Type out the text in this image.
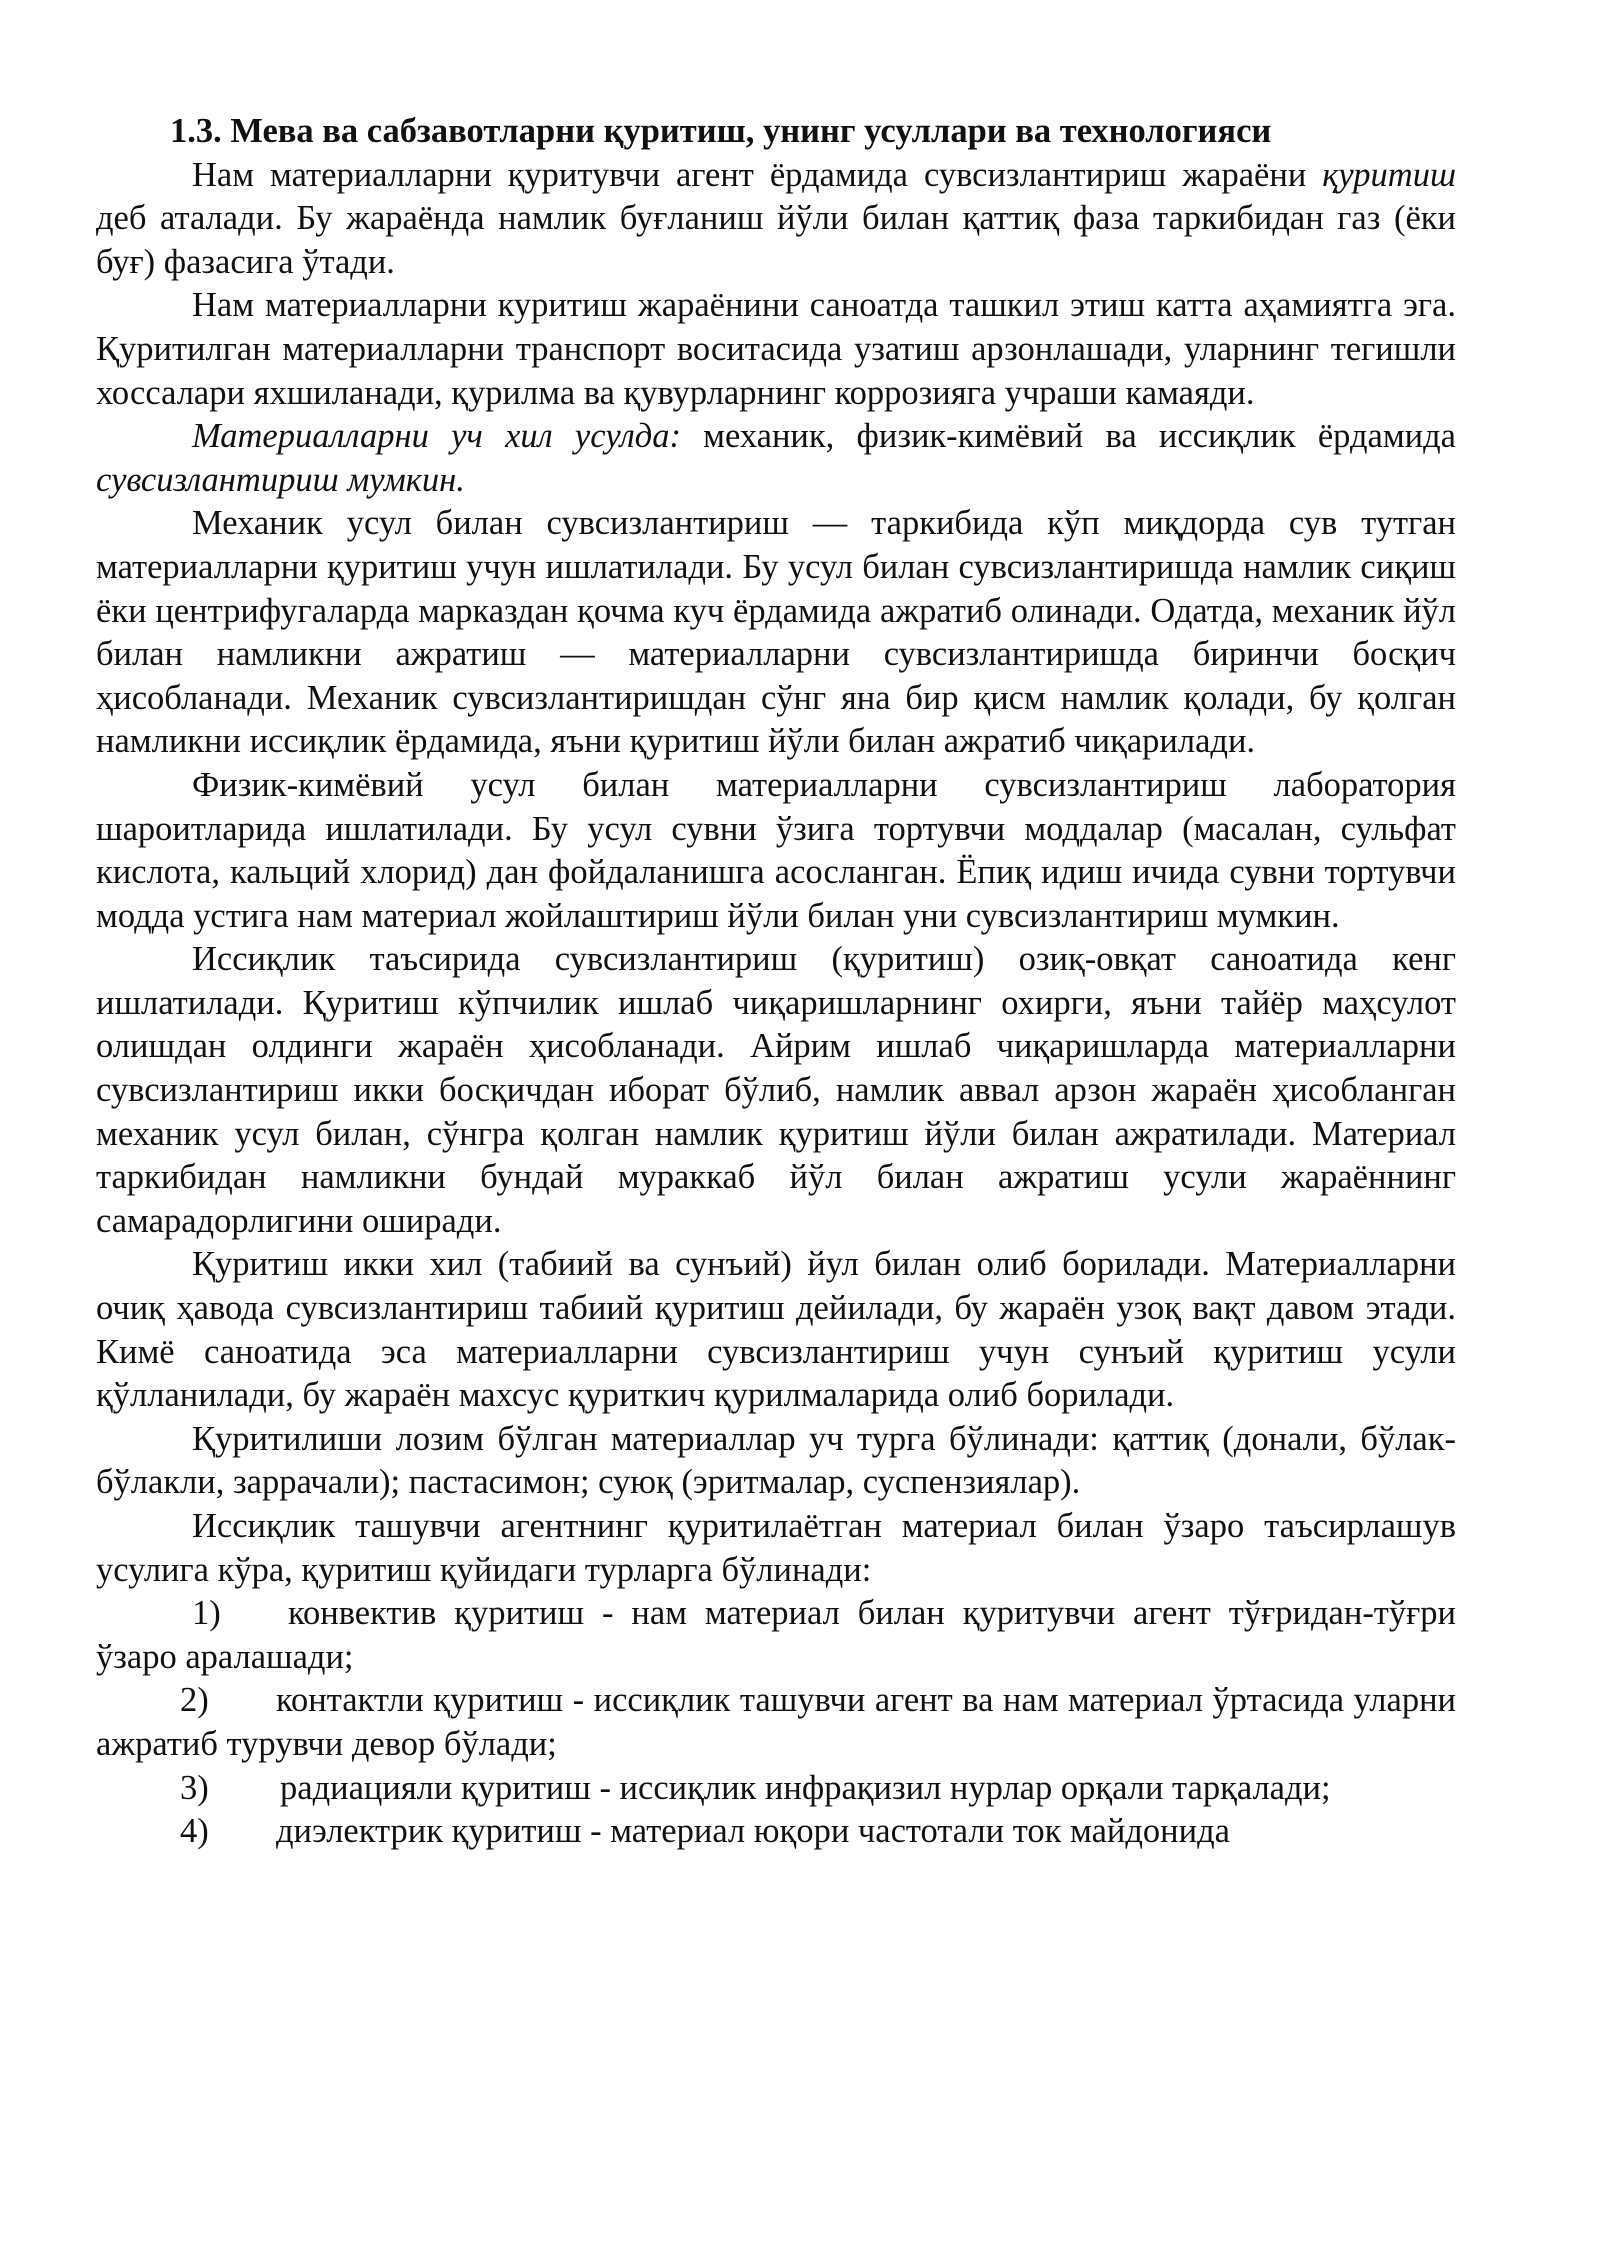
1.3. Мева ва сабзавотларни қуритиш, унинг усуллари ва технологияси

Нам материалларни қуритувчи агент ёрдамида сувсизлантириш жараёни қуритиш деб аталади. Бу жараёнда намлик буғланиш йўли билан қаттиқ фаза таркибидан газ (ёки буғ) фазасига ўтади.

Нам материалларни куритиш жараёнини саноатда ташкил этиш катта аҳамиятга эга. Қуритилган материалларни транспорт воситасида узатиш арзонлашади, уларнинг тегишли хоссалари яхшиланади, қурилма ва қувурларнинг коррозияга учраши камаяди.

Материалларни уч хил усулда: механик, физик-кимёвий ва иссиқлик ёрдамида сувсизлантириш мумкин.

Механик усул билан сувсизлантириш — таркибида кўп миқдорда сув тутган материалларни қуритиш учун ишлатилади. Бу усул билан сувсизлантиришда намлик сиқиш ёки центрифугаларда марказдан қочма куч ёрдамида ажратиб олинади. Одатда, механик йўл билан намликни ажратиш — материалларни сувсизлантиришда биринчи босқич ҳисобланади. Механик сувсизлантиришдан сўнг яна бир қисм намлик қолади, бу қолган намликни иссиқлик ёрдамида, яъни қуритиш йўли билан ажратиб чиқарилади.

Физик-кимёвий усул билан материалларни сувсизлантириш лаборатория шароитларида ишлатилади. Бу усул сувни ўзига тортувчи моддалар (масалан, сульфат кислота, кальций хлорид) дан фойдаланишга асосланган. Ёпиқ идиш ичида сувни тортувчи модда устига нам материал жойлаштириш йўли билан уни сувсизлантириш мумкин.

Иссиқлик таъсирида сувсизлантириш (қуритиш) озиқ-овқат саноатида кенг ишлатилади. Қуритиш кўпчилик ишлаб чиқаришларнинг охирги, яъни тайёр маҳсулот олишдан олдинги жараён ҳисобланади. Айрим ишлаб чиқаришларда материалларни сувсизлантириш икки босқичдан иборат бўлиб, намлик аввал арзон жараён ҳисобланган механик усул билан, сўнгра қолган намлик қуритиш йўли билан ажратилади. Материал таркибидан намликни бундай мураккаб йўл билан ажратиш усули жараённинг самарадорлигини оширади.

Қуритиш икки хил (табиий ва сунъий) йул билан олиб борилади. Материалларни очиқ ҳавода сувсизлантириш табиий қуритиш дейилади, бу жараён узоқ вақт давом этади. Кимё саноатида эса материалларни сувсизлантириш учун сунъий қуритиш усули қўлланилади, бу жараён махсус қуриткич қурилмаларида олиб борилади.

Қуритилиши лозим бўлган материаллар уч турга бўлинади: қаттиқ (донали, бўлак-бўлакли, заррачали); пастасимон; суюқ (эритмалар, суспензиялар).

Иссиқлик ташувчи агентнинг қуритилаётган материал билан ўзаро таъсирлашув усулига кўра, қуритиш қуйидаги турларга бўлинади:

1) конвектив қуритиш - нам материал билан қуритувчи агент тўғридан-тўғри ўзаро аралашади;
2) контактли қуритиш - иссиқлик ташувчи агент ва нам материал ўртасида уларни ажратиб турувчи девор бўлади;
3) радиацияли қуритиш - иссиқлик инфрақизил нурлар орқали тарқалади;
4) диэлектрик қуритиш - материал юқори частотали ток майдонида
